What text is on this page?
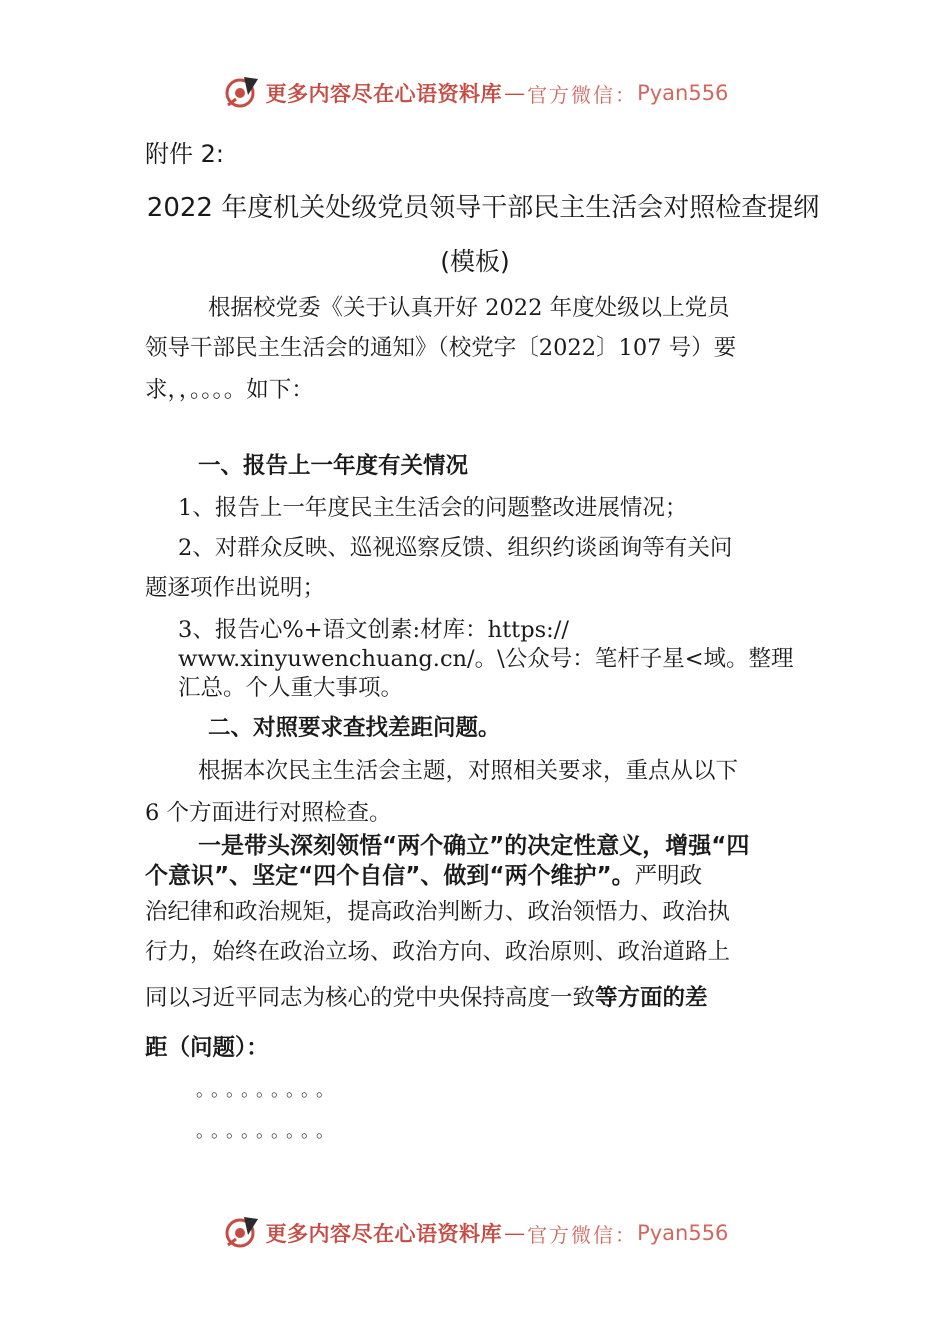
更多内容尽在心语资料库 — 官方微信： Pyan556
附件 2:
2022 年度机关处级党员领导干部民主生活会对照检查提纲
(模板)
根据校党委《关于认真开好 2022 年度处级以上党员
领导干部民主生活会的通知》（校党字〔2022〕107 号）要
求，，。。。。如下：
一、报告上一年度有关情况
1、报告上一年度民主生活会的问题整改进展情况；
2、对群众反映、巡视巡察反馈、组织约谈函询等有关问
题逐项作出说明；
3、报告心%+语文创素:材库：https://
www.xinyuwenchuang.cn/。\公众号：笔杆子星<域。整理
汇总。个人重大事项。
二、对照要求查找差距问题。
根据本次民主生活会主题，对照相关要求，重点从以下
6 个方面进行对照检查。
一是带头深刻领悟“两个确立”的决定性意义，增强“四
个意识”、坚定“四个自信”、做到“两个维护”。严明政
治纪律和政治规矩，提高政治判断力、政治领悟力、政治执
行力，始终在政治立场、政治方向、政治原则、政治道路上
同以习近平同志为核心的党中央保持高度一致等方面的差
距（问题）：
。。。。。。。。。
。。。。。。。。。
更多内容尽在心语资料库 — 官方微信： Pyan556
